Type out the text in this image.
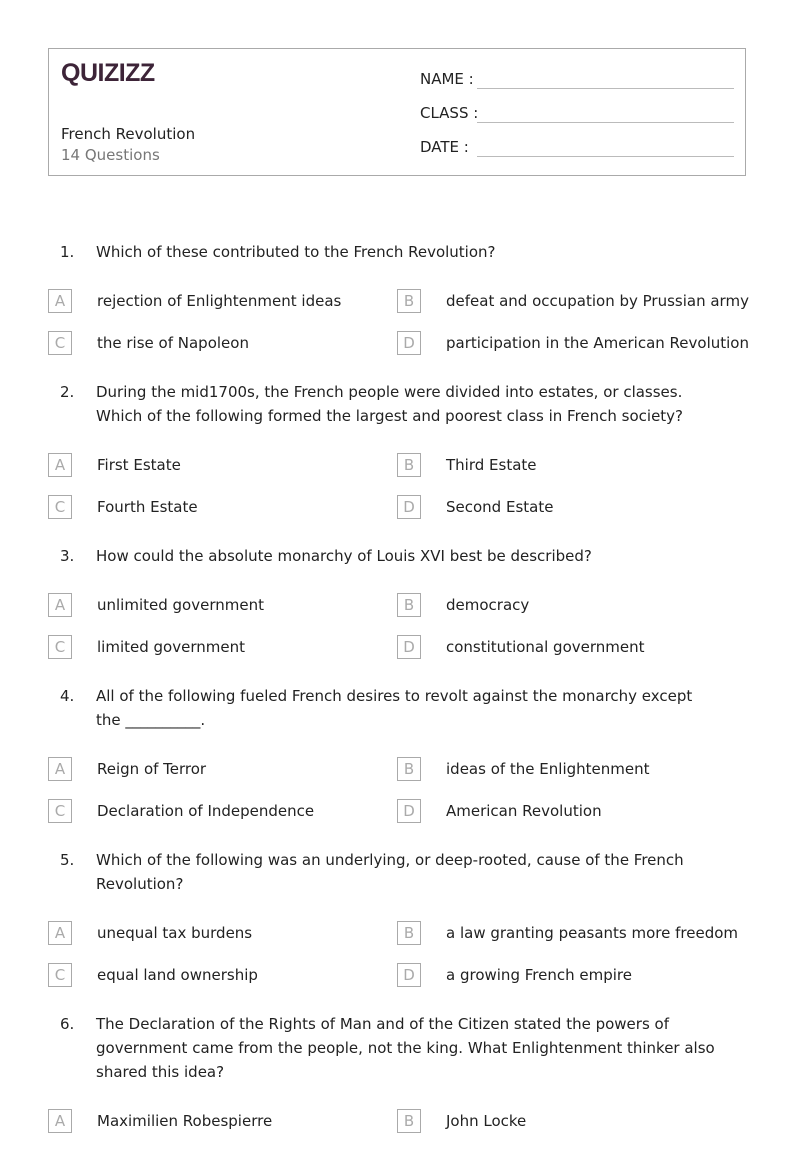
QUIZIZZ
French Revolution
14 Questions
NAME :
CLASS :
DATE :
1. Which of these contributed to the French Revolution?
A	rejection of Enlightenment ideas	B	defeat and occupation by Prussian army
C	the rise of Napoleon	D	participation in the American Revolution
2. During the mid1700s, the French people were divided into estates, or classes. Which of the following formed the largest and poorest class in French society?
A	First Estate	B	Third Estate
C	Fourth Estate	D	Second Estate
3. How could the absolute monarchy of Louis XVI best be described?
A	unlimited government	B	democracy
C	limited government	D	constitutional government
4. All of the following fueled French desires to revolt against the monarchy except the __________.
A	Reign of Terror	B	ideas of the Enlightenment
C	Declaration of Independence	D	American Revolution
5. Which of the following was an underlying, or deep-rooted, cause of the French Revolution?
A	unequal tax burdens	B	a law granting peasants more freedom
C	equal land ownership	D	a growing French empire
6. The Declaration of the Rights of Man and of the Citizen stated the powers of government came from the people, not the king. What Enlightenment thinker also shared this idea?
A	Maximilien Robespierre	B	John Locke
